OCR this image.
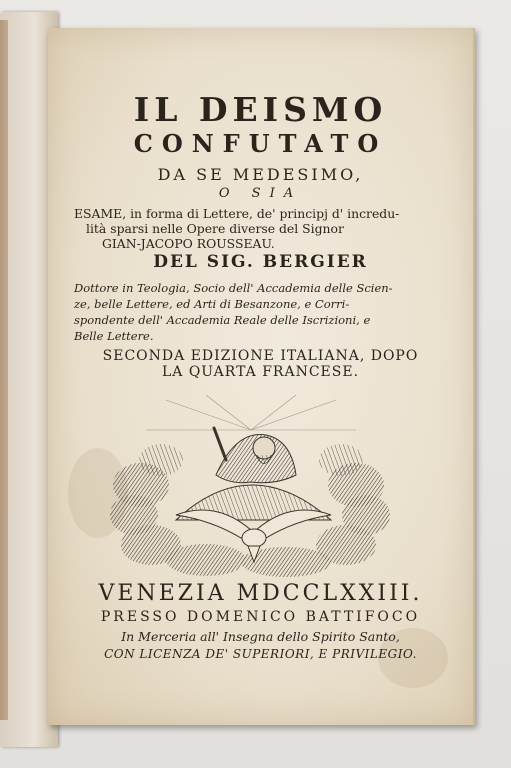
IL DEISMO
CONFUTATO
DA SE MEDESIMO,
O SIA
ESAME, in forma di Lettere, de' principj d' incredu-
lità sparsi nelle Opere diverse del Signor
GIAN-JACOPO ROUSSEAU.
DEL SIG. BERGIER
Dottore in Teologia, Socio dell' Accademia delle Scien-
ze, belle Lettere, ed Arti di Besanzone, e Corri-
spondente dell' Accademia Reale delle Iscrizioni, e
Belle Lettere.
SECONDA EDIZIONE ITALIANA, DOPO
LA QUARTA FRANCESE.
VENEZIA MDCCLXXIII.
PRESSO DOMENICO BATTIFOCO
In Merceria all' Insegna dello Spirito Santo,
CON LICENZA DE' SUPERIORI, E PRIVILEGIO.
